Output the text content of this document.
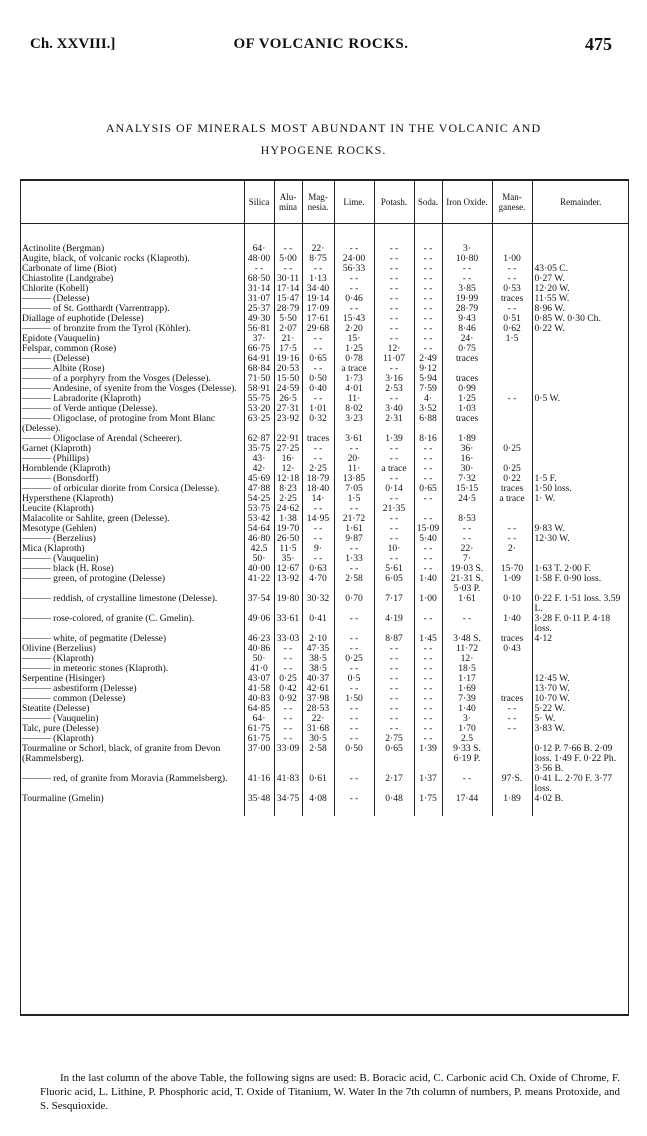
Ch. XXVIII.]	OF VOLCANIC ROCKS.	475
ANALYSIS OF MINERALS MOST ABUNDANT IN THE VOLCANIC AND
HYPOGENE ROCKS.
	Silica	Alu-mina	Mag-nesia.	Lime.	Potash.	Soda.	Iron Oxide.	Man-ganese.	Remainder.
Actinolite (Bergman)	64·	- -	22·	- -	- -	- -	3·		
Augite, black, of volcanic rocks (Klaproth).	48·00	5·00	8·75	24·00	- -	- -	10·80	1·00	
Carbonate of lime (Biot)	- -	- -	- -	56·33	- -	- -	- -	- -	43·05 C.
Chiastolite (Landgrabe)	68·50	30·11	1·13	- -	- -	- -	- -	- -	0·27 W.
Chlorite (Kobell)	31·14	17·14	34·40	- -	- -	- -	3·85	0·53	12·20 W.
——— (Delesse)	31·07	15·47	19·14	0·46	- -	- -	19·99	traces	11·55 W.
——— of St. Gotthardt (Varrentrapp).	25·37	28·79	17·09	- -	- -	- -	28·79	- -	8·96 W.
Diallage of euphotide (Delesse)	49·30	5·50	17·61	15·43	- -	- -	9·43	0·51	0·85 W. 0·30 Ch.
——— of bronzite from the Tyrol (Köhler).	56·81	2·07	29·68	2·20	- -	- -	8·46	0·62	0·22 W.
Epidote (Vauquelin)	37·	21·	- -	15·	- -	- -	24·	1·5	
Felspar, common (Rose)	66·75	17·5	- -	1·25	12·	- -	0·75		
——— (Delesse)	64·91	19·16	0·65	0·78	11·07	2·49	traces		
——— Albite (Rose)	68·84	20·53	- -	a trace	- -	9·12			
——— of a porphyry from the Vosges (Delesse).	71·50	15·50	0·50	1·73	3·16	5·94	traces		
——— Andesine, of syenite from the Vosges (Delesse).	58·91	24·59	0·40	4·01	2·53	7·59	0·99		
——— Labradorite (Klaproth)	55·75	26·5	- -	11·	- -	4·	1·25	- -	0·5 W.
——— of Verde antique (Delesse).	53·20	27·31	1·01	8·02	3·40	3·52	1·03		
——— Oligoclase, of protogine from Mont Blanc (Delesse).	63·25	23·92	0·32	3·23	2·31	6·88	traces		
——— Oligoclase of Arendal (Scheerer).	62·87	22·91	traces	3·61	1·39	8·16	1·89		
Garnet (Klaproth)	35·75	27·25	- -	- -	- -	- -	36·	0·25	
——— (Phillips)	43·	16·	- -	20·	- -	- -	16·		
Hornblende (Klaproth)	42·	12·	2·25	11·	a trace	- -	30·	0·25	
——— (Bonsdorff)	45·69	12·18	18·79	13·85	- -	- -	7·32	0·22	1·5 F.
——— of orbicular diorite from Corsica (Delesse).	47·88	8·23	18·40	7·05	0·14	0·65	15·15	traces	1·50 loss.
Hypersthene (Klaproth)	54·25	2·25	14·	1·5	- -	- -	24·5	a trace	1· W.
Leucite (Klaproth)	53·75	24·62	- -	- -	21·35				
Malacolite or Sahlite, green (Delesse).	53·42	1·38	14·95	21·72	- -	- -	8·53		
Mesotype (Gehlen)	54·64	19·70	- -	1·61	- -	15·09	- -	- -	9·83 W.
——— (Berzelius)	46·80	26·50	- -	9·87	- -	5·40	- -	- -	12·30 W.
Mica (Klaproth)	42.5	11·5	9·	- -	10·	- -	22·	2·	
——— (Vauquelin)	50·	35·	- -	1·33	- -	- -	7·		
——— black (H. Rose)	40·00	12·67	0·63	- -	5·61	- -	19·03 S.	15·70	1·63 T. 2·00 F.
——— green, of protogine (Delesse)	41·22	13·92	4·70	2·58	6·05	1·40	21·31 S. 5·03 P.	1·09	1·58 F. 0·90 loss.
——— reddish, of crystalline limestone (Delesse).	37·54	19·80	30·32	0·70	7·17	1·00	1·61	0·10	0·22 F. 1·51 loss. 3.59 L.
——— rose-colored, of granite (C. Gmelin).	49·06	33·61	0·41	- -	4·19	- -	- -	1·40	3·28 F. 0·11 P. 4·18 loss.
——— white, of pegmatite (Delesse)	46·23	33·03	2·10	- -	8·87	1·45	3·48 S.	traces	4·12
Olivine (Berzelius)	40·86	- -	47·35	- -	- -	- -	11·72	0·43	
——— (Klaproth)	50·	- -	38·5	0·25	- -	- -	12·		
——— in meteoric stones (Klaproth).	41·0	- -	38·5	- -	- -	- -	18·5		
Serpentine (Hisinger)	43·07	0·25	40·37	0·5	- -	- -	1·17		12·45 W.
——— asbestiform (Delesse)	41·58	0·42	42·61	- -	- -	- -	1·69		13·70 W.
——— common (Delesse)	40·83	0·92	37·98	1·50	- -	- -	7·39	traces	10·70 W.
Steatite (Delesse)	64·85	- -	28·53	- -	- -	- -	1·40	- -	5·22 W.
——— (Vauquelin)	64·	- -	22·	- -	- -	- -	3·	- -	5· W.
Talc, pure (Delesse)	61·75	- -	31·68	- -	- -	- -	1·70	- -	3·83 W.
——— (Klaproth)	61·75	- -	30·5	- -	2·75	- -	2.5		
Tourmaline or Schorl, black, of granite from Devon (Rammelsberg).	37·00	33·09	2·58	0·50	0·65	1·39	9·33 S. 6·19 P.		0·12 P. 7·66 B. 2·09 loss. 1·49 F. 0·22 Ph. 3·56 B.
——— red, of granite from Moravia (Rammelsberg).	41·16	41·83	0·61	- -	2·17	1·37	- -	97·S.	0·41 L. 2·70 F. 3·77 loss.
Tourmaline (Gmelin)	35·48	34·75	4·08	- -	0·48	1·75	17·44	1·89	4·02 B.
In the last column of the above Table, the following signs are used: B. Boracic acid, C. Carbonic acid Ch. Oxide of Chrome, F. Fluoric acid, L. Lithine, P. Phosphoric acid, T. Oxide of Titanium, W. Water In the 7th column of numbers, P. means Protoxide, and S. Sesquioxide.
